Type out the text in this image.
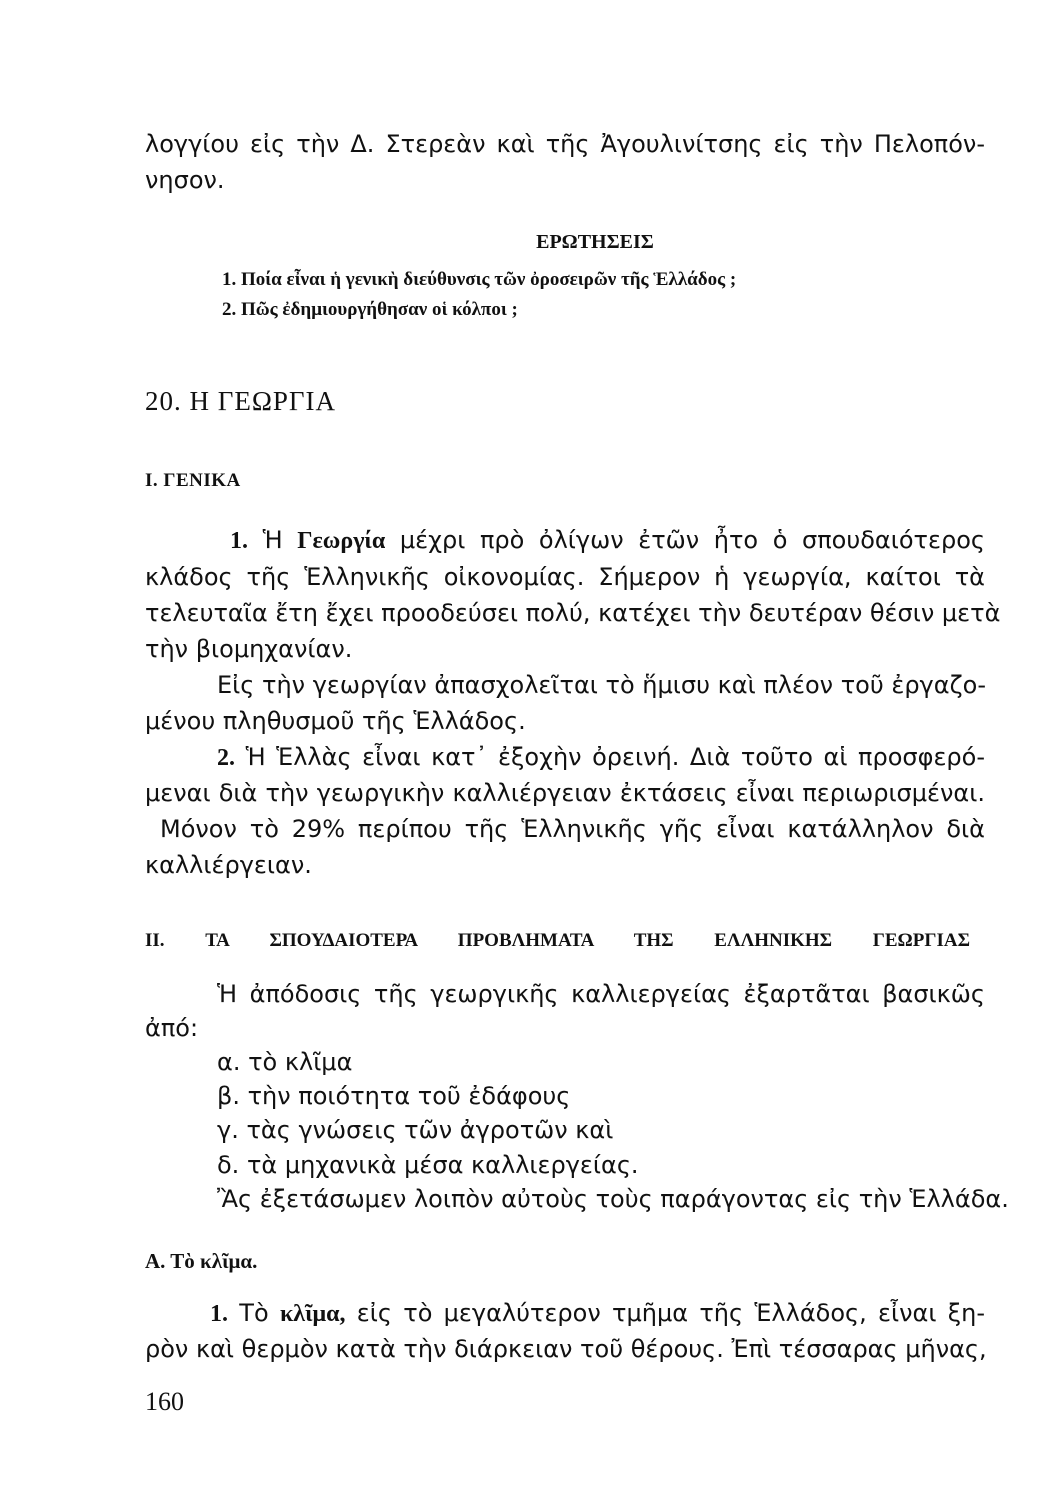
λογγίου εἰς τὴν Δ. Στερεὰν καὶ τῆς Ἀγουλινίτσης εἰς τὴν Πελοπόν-
νησον.
ΕΡΩΤΗΣΕΙΣ
1. Ποία εἶναι ἡ γενικὴ διεύθυνσις τῶν ὀροσειρῶν τῆς Ἑλλάδος ;
2. Πῶς ἐδημιουργήθησαν οἱ κόλποι ;
20. Η ΓΕΩΡΓΙΑ
I. ΓΕΝΙΚΑ
1. Ἡ Γεωργία μέχρι πρὸ ὀλίγων ἐτῶν ἦτο ὁ σπουδαιότερος
κλάδος τῆς Ἑλληνικῆς οἰκονομίας. Σήμερον ἡ γεωργία, καίτοι τὰ
τελευταῖα ἔτη ἔχει προοδεύσει πολύ, κατέχει τὴν δευτέραν θέσιν μετὰ
τὴν βιομηχανίαν.
Εἰς τὴν γεωργίαν ἀπασχολεῖται τὸ ἥμισυ καὶ πλέον τοῦ ἐργαζο-
μένου πληθυσμοῦ τῆς Ἑλλάδος.
2. Ἡ Ἑλλὰς εἶναι κατ᾽ ἐξοχὴν ὀρεινή. Διὰ τοῦτο αἱ προσφερό-
μεναι διὰ τὴν γεωργικὴν καλλιέργειαν ἐκτάσεις εἶναι περιωρισμέναι.
Μόνον τὸ 29% περίπου τῆς Ἑλληνικῆς γῆς εἶναι κατάλληλον διὰ
καλλιέργειαν.
II. ΤΑ ΣΠΟΥΔΑΙΟΤΕΡΑ ΠΡΟΒΛΗΜΑΤΑ ΤΗΣ ΕΛΛΗΝΙΚΗΣ ΓΕΩΡΓΙΑΣ
Ἡ ἀπόδοσις τῆς γεωργικῆς καλλιεργείας ἐξαρτᾶται βασικῶς
ἀπό:
α. τὸ κλῖμα
β. τὴν ποιότητα τοῦ ἐδάφους
γ. τὰς γνώσεις τῶν ἀγροτῶν καὶ
δ. τὰ μηχανικὰ μέσα καλλιεργείας.
Ἂς ἐξετάσωμεν λοιπὸν αὐτοὺς τοὺς παράγοντας εἰς τὴν Ἑλλάδα.
Α. Τὸ κλῖμα.
1. Τὸ κλῖμα, εἰς τὸ μεγαλύτερον τμῆμα τῆς Ἑλλάδος, εἶναι ξη-
ρὸν καὶ θερμὸν κατὰ τὴν διάρκειαν τοῦ θέρους. Ἐπὶ τέσσαρας μῆνας,
160
